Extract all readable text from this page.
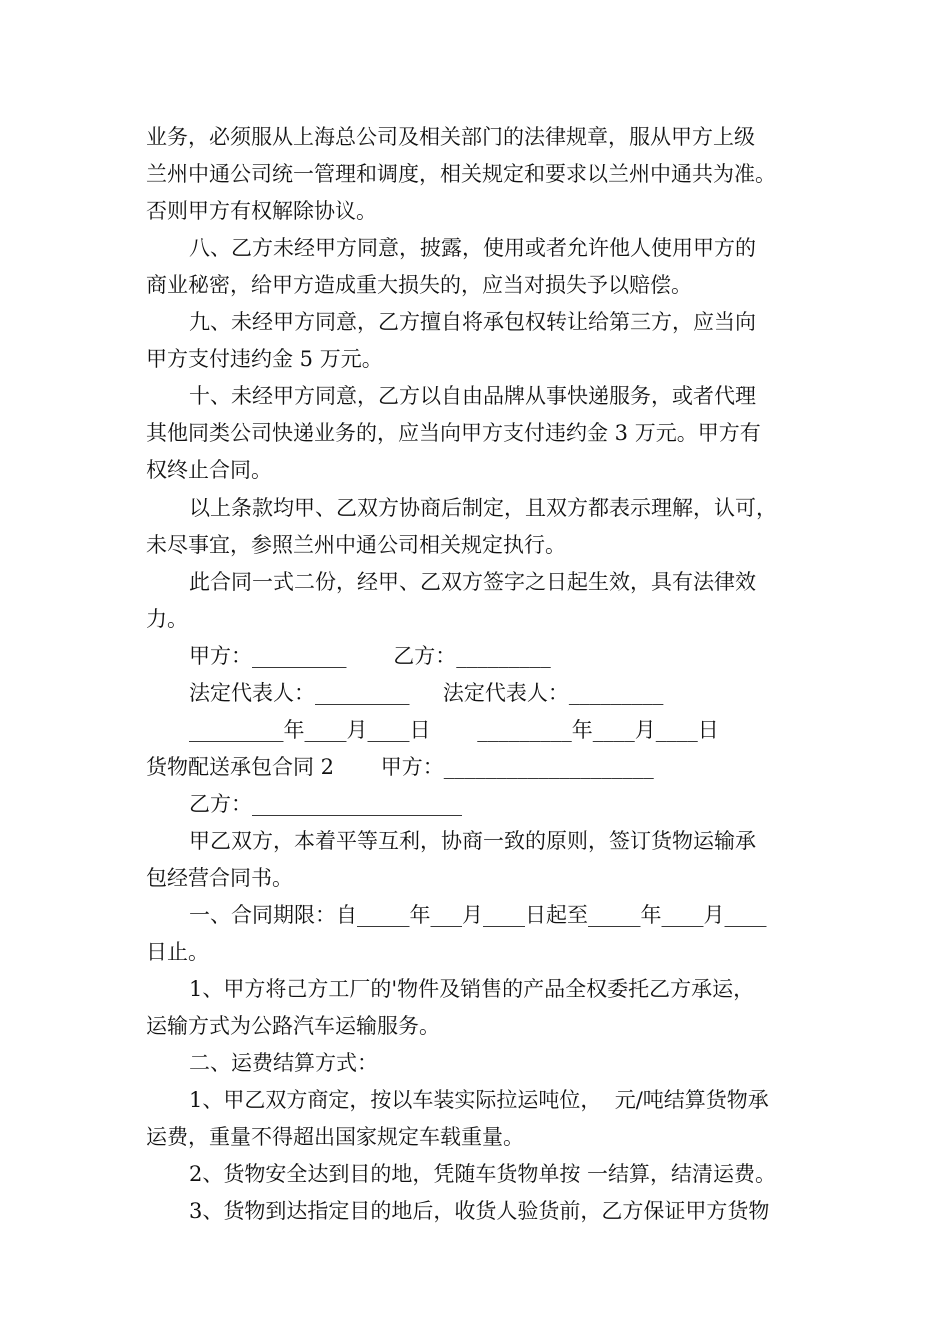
业务，必须服从上海总公司及相关部门的法律规章，服从甲方上级
兰州中通公司统一管理和调度，相关规定和要求以兰州中通共为准。
否则甲方有权解除协议。
八、乙方未经甲方同意，披露，使用或者允许他人使用甲方的
商业秘密，给甲方造成重大损失的，应当对损失予以赔偿。
九、未经甲方同意，乙方擅自将承包权转让给第三方，应当向
甲方支付违约金 5 万元。
十、未经甲方同意，乙方以自由品牌从事快递服务，或者代理
其他同类公司快递业务的，应当向甲方支付违约金 3 万元。甲方有
权终止合同。
以上条款均甲、乙双方协商后制定，且双方都表示理解，认可，
未尽事宜，参照兰州中通公司相关规定执行。
此合同一式二份，经甲、乙双方签字之日起生效，具有法律效
力。
甲方：_________       乙方：_________
法定代表人：_________     法定代表人：_________
_________年____月____日       _________年____月____日
货物配送承包合同 2       甲方：____________________
乙方：____________________
甲乙双方，本着平等互利，协商一致的原则，签订货物运输承
包经营合同书。
一、合同期限：自_____年___月____日起至_____年____月____
日止。
1、甲方将己方工厂的'物件及销售的产品全权委托乙方承运，
运输方式为公路汽车运输服务。
二、运费结算方式：
1、甲乙双方商定，按以车装实际拉运吨位，  元/吨结算货物承
运费，重量不得超出国家规定车载重量。
2、货物安全达到目的地，凭随车货物单按 一结算，结清运费。
3、货物到达指定目的地后，收货人验货前，乙方保证甲方货物
